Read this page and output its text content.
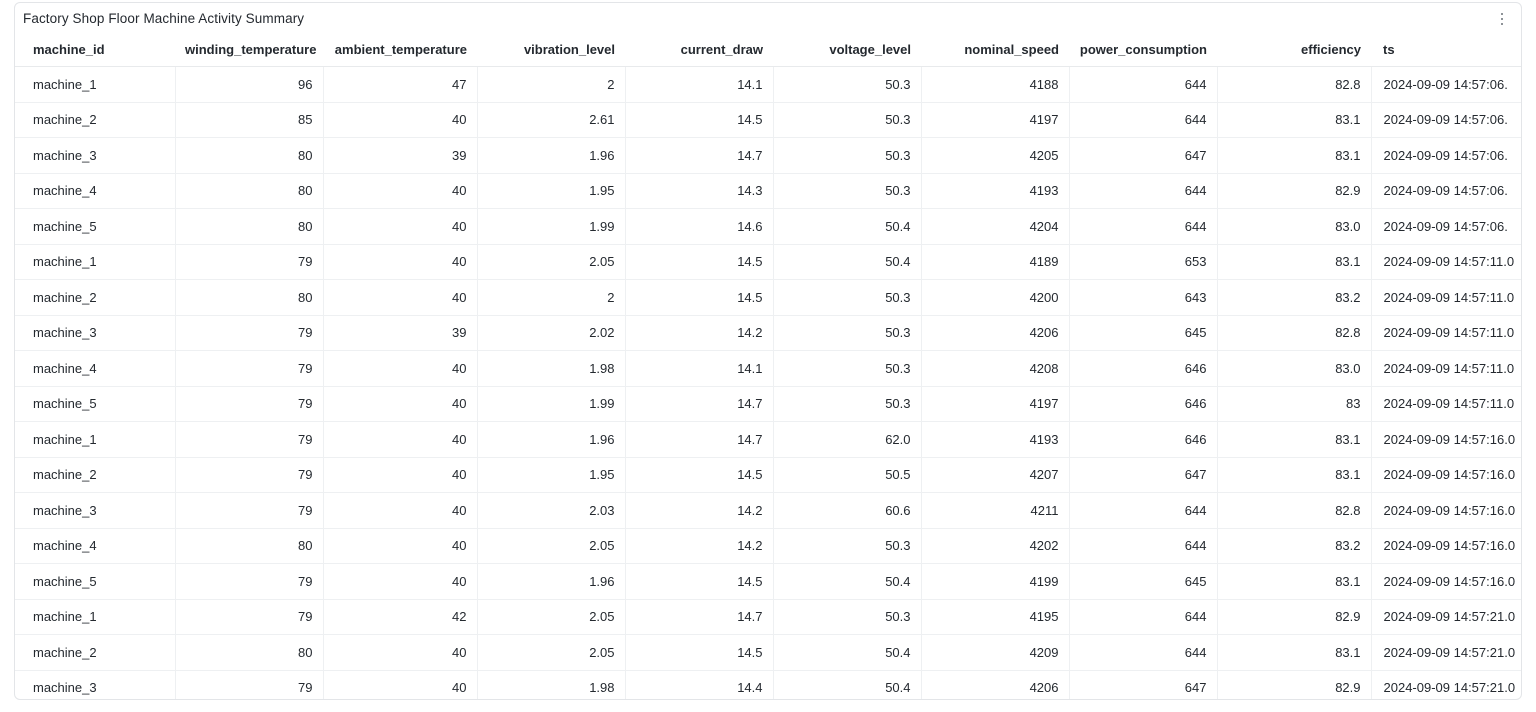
Factory Shop Floor Machine Activity Summary
machine_id	winding_temperature	ambient_temperature	vibration_level	current_draw	voltage_level	nominal_speed	power_consumption	efficiency	ts
machine_1	96	47	2	14.1	50.3	4188	644	82.8	2024-09-09 14:57:06.
machine_2	85	40	2.61	14.5	50.3	4197	644	83.1	2024-09-09 14:57:06.
machine_3	80	39	1.96	14.7	50.3	4205	647	83.1	2024-09-09 14:57:06.
machine_4	80	40	1.95	14.3	50.3	4193	644	82.9	2024-09-09 14:57:06.
machine_5	80	40	1.99	14.6	50.4	4204	644	83.0	2024-09-09 14:57:06.
machine_1	79	40	2.05	14.5	50.4	4189	653	83.1	2024-09-09 14:57:11.0
machine_2	80	40	2	14.5	50.3	4200	643	83.2	2024-09-09 14:57:11.0
machine_3	79	39	2.02	14.2	50.3	4206	645	82.8	2024-09-09 14:57:11.0
machine_4	79	40	1.98	14.1	50.3	4208	646	83.0	2024-09-09 14:57:11.0
machine_5	79	40	1.99	14.7	50.3	4197	646	83	2024-09-09 14:57:11.0
machine_1	79	40	1.96	14.7	62.0	4193	646	83.1	2024-09-09 14:57:16.0
machine_2	79	40	1.95	14.5	50.5	4207	647	83.1	2024-09-09 14:57:16.0
machine_3	79	40	2.03	14.2	60.6	4211	644	82.8	2024-09-09 14:57:16.0
machine_4	80	40	2.05	14.2	50.3	4202	644	83.2	2024-09-09 14:57:16.0
machine_5	79	40	1.96	14.5	50.4	4199	645	83.1	2024-09-09 14:57:16.0
machine_1	79	42	2.05	14.7	50.3	4195	644	82.9	2024-09-09 14:57:21.0
machine_2	80	40	2.05	14.5	50.4	4209	644	83.1	2024-09-09 14:57:21.0
machine_3	79	40	1.98	14.4	50.4	4206	647	82.9	2024-09-09 14:57:21.0
